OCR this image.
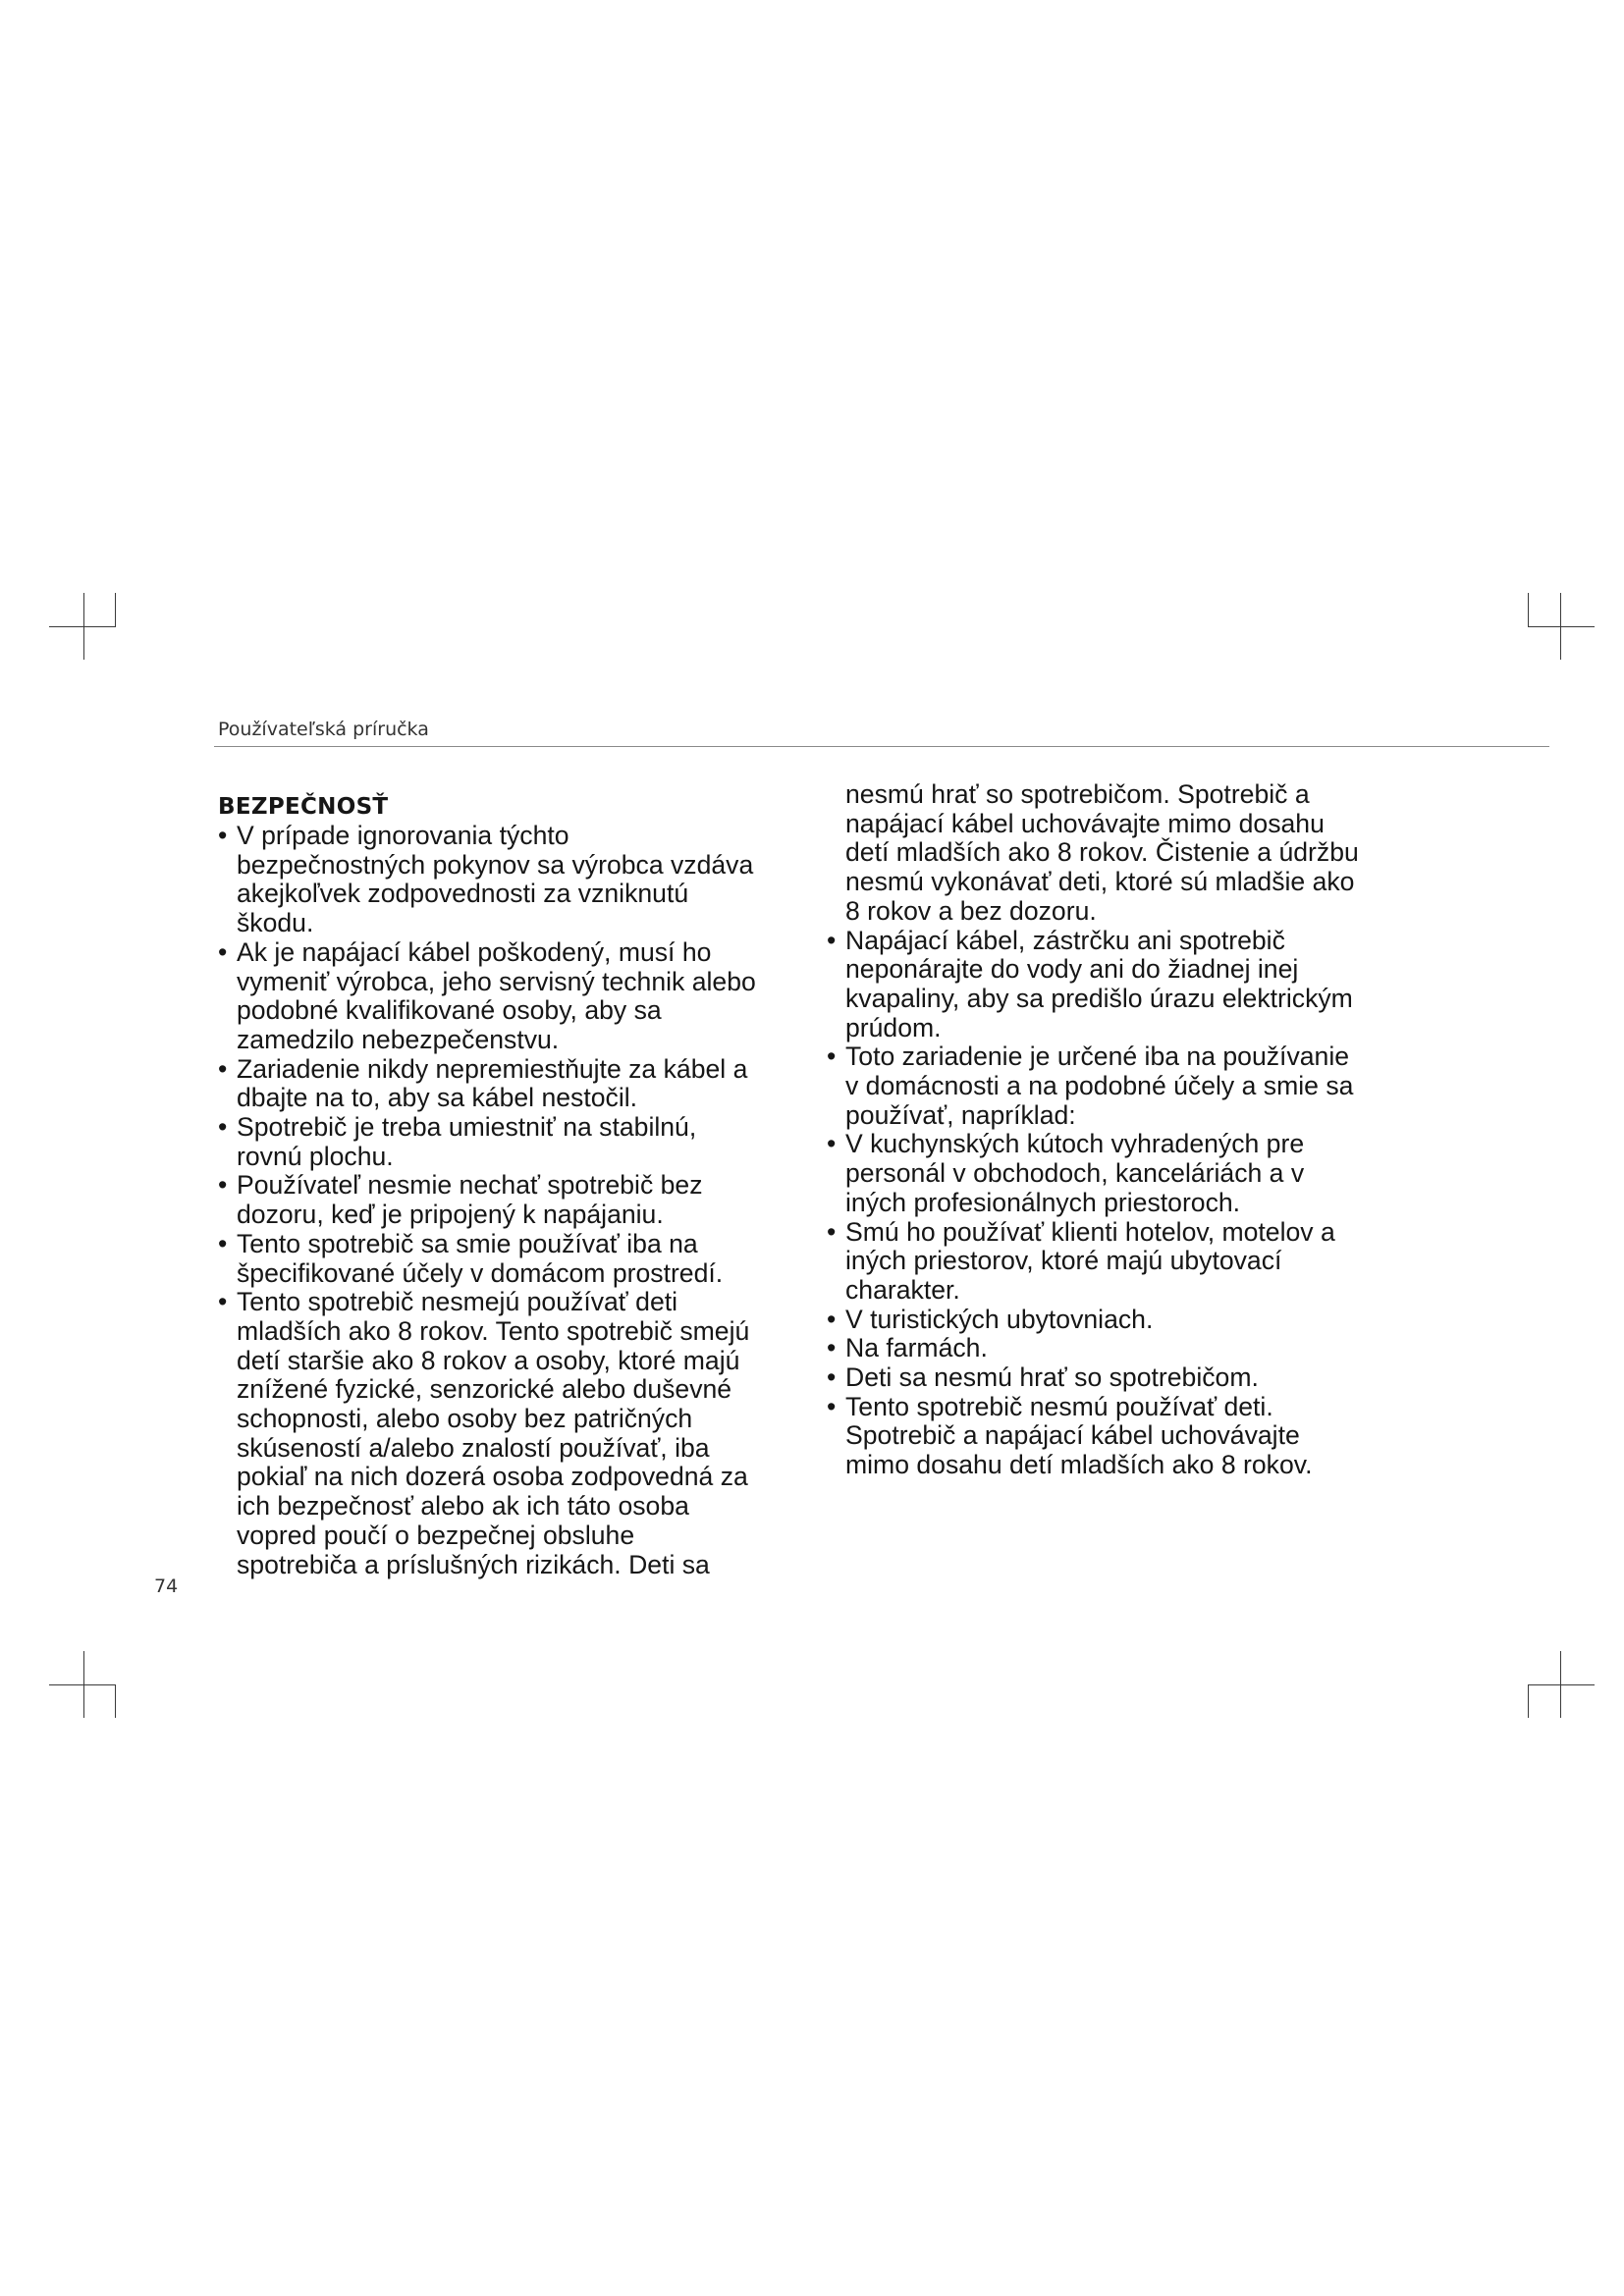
Používateľská príručka
BEZPEČNOSŤ
• V prípade ignorovania týchto
bezpečnostných pokynov sa výrobca vzdáva
akejkoľvek zodpovednosti za vzniknutú
škodu.
• Ak je napájací kábel poškodený, musí ho
vymeniť výrobca, jeho servisný technik alebo
podobné kvalifikované osoby, aby sa
zamedzilo nebezpečenstvu.
• Zariadenie nikdy nepremiestňujte za kábel a
dbajte na to, aby sa kábel nestočil.
• Spotrebič je treba umiestniť na stabilnú,
rovnú plochu.
• Používateľ nesmie nechať spotrebič bez
dozoru, keď je pripojený k napájaniu.
• Tento spotrebič sa smie používať iba na
špecifikované účely v domácom prostredí.
• Tento spotrebič nesmejú používať deti
mladších ako 8 rokov. Tento spotrebič smejú
detí staršie ako 8 rokov a osoby, ktoré majú
znížené fyzické, senzorické alebo duševné
schopnosti, alebo osoby bez patričných
skúseností a/alebo znalostí používať, iba
pokiaľ na nich dozerá osoba zodpovedná za
ich bezpečnosť alebo ak ich táto osoba
vopred poučí o bezpečnej obsluhe
spotrebiča a príslušných rizikách. Deti sa
nesmú hrať so spotrebičom. Spotrebič a
napájací kábel uchovávajte mimo dosahu
detí mladších ako 8 rokov. Čistenie a údržbu
nesmú vykonávať deti, ktoré sú mladšie ako
8 rokov a bez dozoru.
• Napájací kábel, zástrčku ani spotrebič
neponárajte do vody ani do žiadnej inej
kvapaliny, aby sa predišlo úrazu elektrickým
prúdom.
• Toto zariadenie je určené iba na používanie
v domácnosti a na podobné účely a smie sa
používať, napríklad:
• V kuchynských kútoch vyhradených pre
personál v obchodoch, kanceláriách a v
iných profesionálnych priestoroch.
• Smú ho používať klienti hotelov, motelov a
iných priestorov, ktoré majú ubytovací
charakter.
• V turistických ubytovniach.
• Na farmách.
• Deti sa nesmú hrať so spotrebičom.
• Tento spotrebič nesmú používať deti.
Spotrebič a napájací kábel uchovávajte
mimo dosahu detí mladších ako 8 rokov.
74
